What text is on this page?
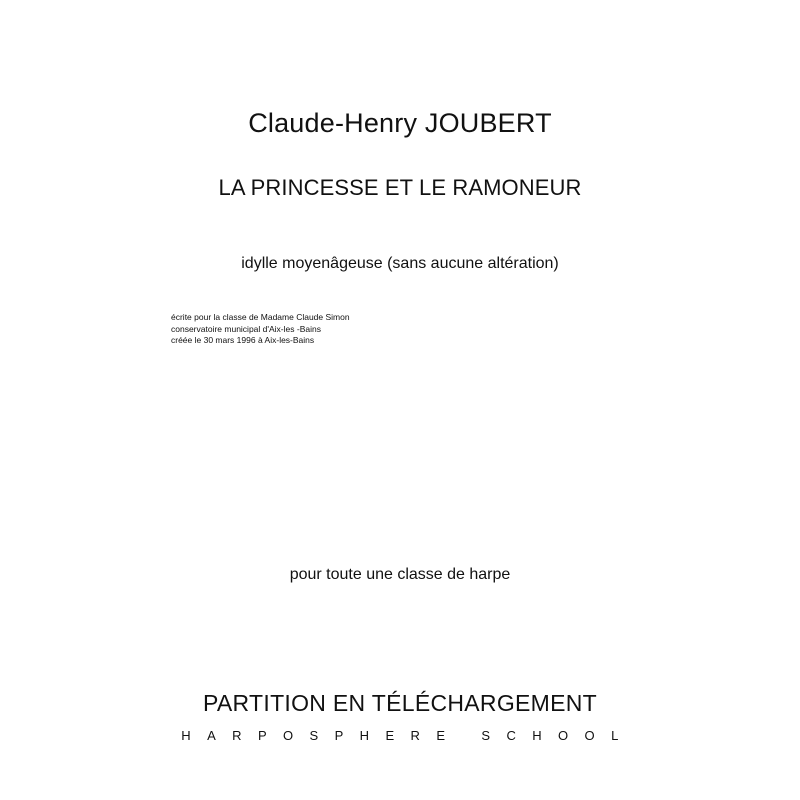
Claude-Henry JOUBERT
LA PRINCESSE ET LE RAMONEUR
idylle moyenâgeuse (sans aucune altération)
écrite pour la classe de Madame Claude Simon
conservatoire municipal d'Aix-les -Bains
créée le 30 mars 1996 à Aix-les-Bains
pour toute une classe de harpe
PARTITION EN TÉLÉCHARGEMENT
HARPOSPHERE SCHOOL
